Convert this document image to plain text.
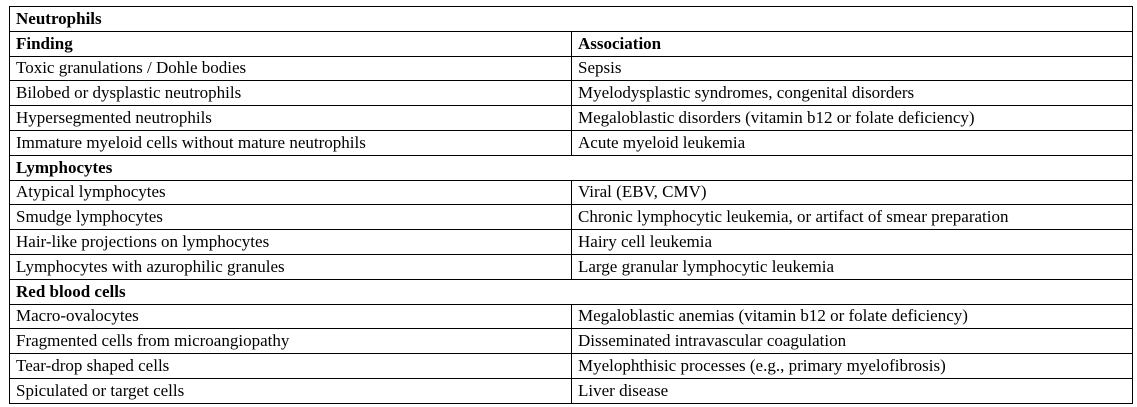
Neutrophils	
Finding	Association
Toxic granulations / Dohle bodies	Sepsis
Bilobed or dysplastic neutrophils	Myelodysplastic syndromes, congenital disorders
Hypersegmented neutrophils	Megaloblastic disorders (vitamin b12 or folate deficiency)
Immature myeloid cells without mature neutrophils	Acute myeloid leukemia
Lymphocytes	
Atypical lymphocytes	Viral (EBV, CMV)
Smudge lymphocytes	Chronic lymphocytic leukemia, or artifact of smear preparation
Hair-like projections on lymphocytes	Hairy cell leukemia
Lymphocytes with azurophilic granules	Large granular lymphocytic leukemia
Red blood cells	
Macro-ovalocytes	Megaloblastic anemias (vitamin b12 or folate deficiency)
Fragmented cells from microangiopathy	Disseminated intravascular coagulation
Tear-drop shaped cells	Myelophthisic processes (e.g., primary myelofibrosis)
Spiculated or target cells	Liver disease
